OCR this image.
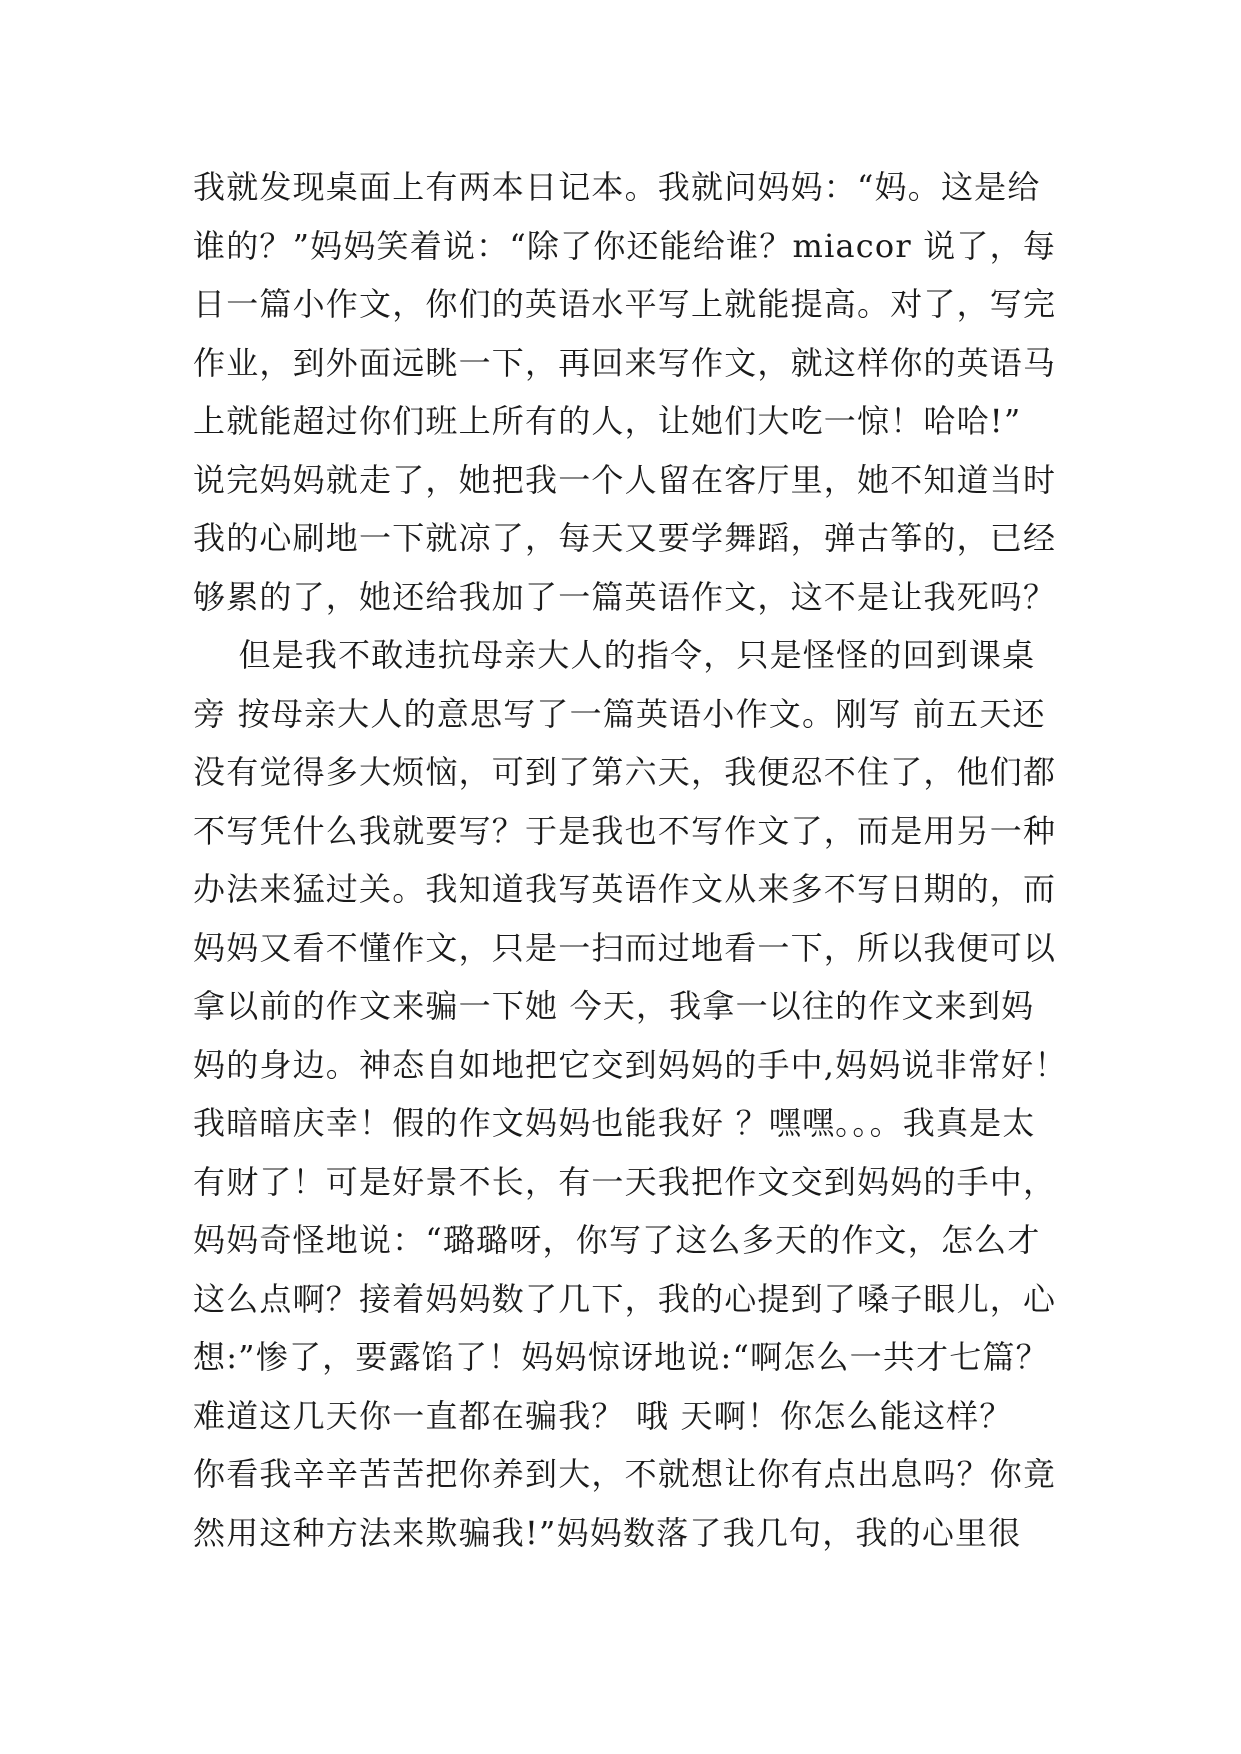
我就发现桌面上有两本日记本。我就问妈妈：“妈。这是给
谁的？”妈妈笑着说：“除了你还能给谁？miacor 说了，每
日一篇小作文，你们的英语水平写上就能提高。对了，写完
作业，到外面远眺一下，再回来写作文，就这样你的英语马
上就能超过你们班上所有的人，让她们大吃一惊！哈哈!”
说完妈妈就走了，她把我一个人留在客厅里，她不知道当时
我的心刷地一下就凉了，每天又要学舞蹈，弹古筝的，已经
够累的了，她还给我加了一篇英语作文，这不是让我死吗？
但是我不敢违抗母亲大人的指令，只是怪怪的回到课桌
旁 按母亲大人的意思写了一篇英语小作文。刚写 前五天还
没有觉得多大烦恼，可到了第六天，我便忍不住了，他们都
不写凭什么我就要写？于是我也不写作文了，而是用另一种
办法来猛过关。我知道我写英语作文从来多不写日期的，而
妈妈又看不懂作文，只是一扫而过地看一下，所以我便可以
拿以前的作文来骗一下她 今天，我拿一以往的作文来到妈
妈的身边。神态自如地把它交到妈妈的手中,妈妈说非常好！
我暗暗庆幸！假的作文妈妈也能我好 ？嘿嘿。。。我真是太
有财了！可是好景不长，有一天我把作文交到妈妈的手中，
妈妈奇怪地说：“璐璐呀，你写了这么多天的作文，怎么才
这么点啊？接着妈妈数了几下，我的心提到了嗓子眼儿，心
想:”惨了，要露馅了！妈妈惊讶地说:“啊怎么一共才七篇？
难道这几天你一直都在骗我？ 哦 天啊！你怎么能这样？
你看我辛辛苦苦把你养到大，不就想让你有点出息吗？你竟
然用这种方法来欺骗我!”妈妈数落了我几句，我的心里很
